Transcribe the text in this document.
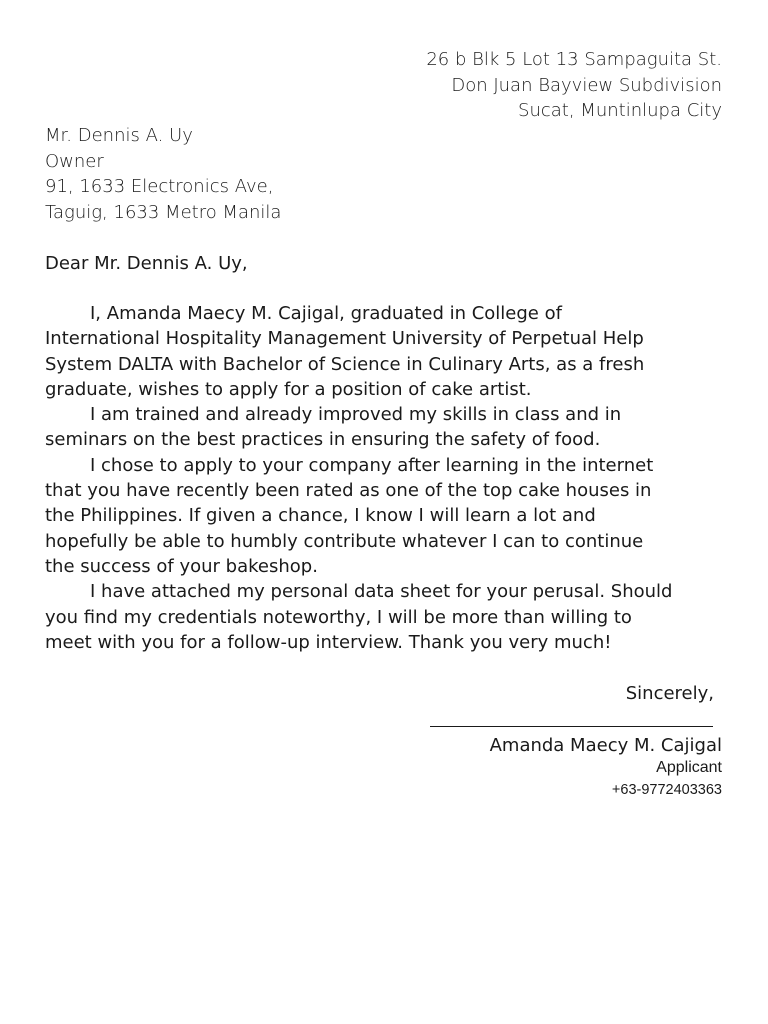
26 b Blk 5 Lot 13 Sampaguita St.
Don Juan Bayview Subdivision
Sucat, Muntinlupa City
Mr. Dennis A. Uy
Owner
91, 1633 Electronics Ave,
Taguig, 1633 Metro Manila
Dear Mr. Dennis A. Uy,
I, Amanda Maecy M. Cajigal, graduated in College of
International Hospitality Management University of Perpetual Help
System DALTA with Bachelor of Science in Culinary Arts, as a fresh
graduate, wishes to apply for a position of cake artist.
I am trained and already improved my skills in class and in
seminars on the best practices in ensuring the safety of food.
I chose to apply to your company after learning in the internet
that you have recently been rated as one of the top cake houses in
the Philippines. If given a chance, I know I will learn a lot and
hopefully be able to humbly contribute whatever I can to continue
the success of your bakeshop.
I have attached my personal data sheet for your perusal. Should
you find my credentials noteworthy, I will be more than willing to
meet with you for a follow-up interview. Thank you very much!
Sincerely,
Amanda Maecy M. Cajigal
Applicant
+63-9772403363
